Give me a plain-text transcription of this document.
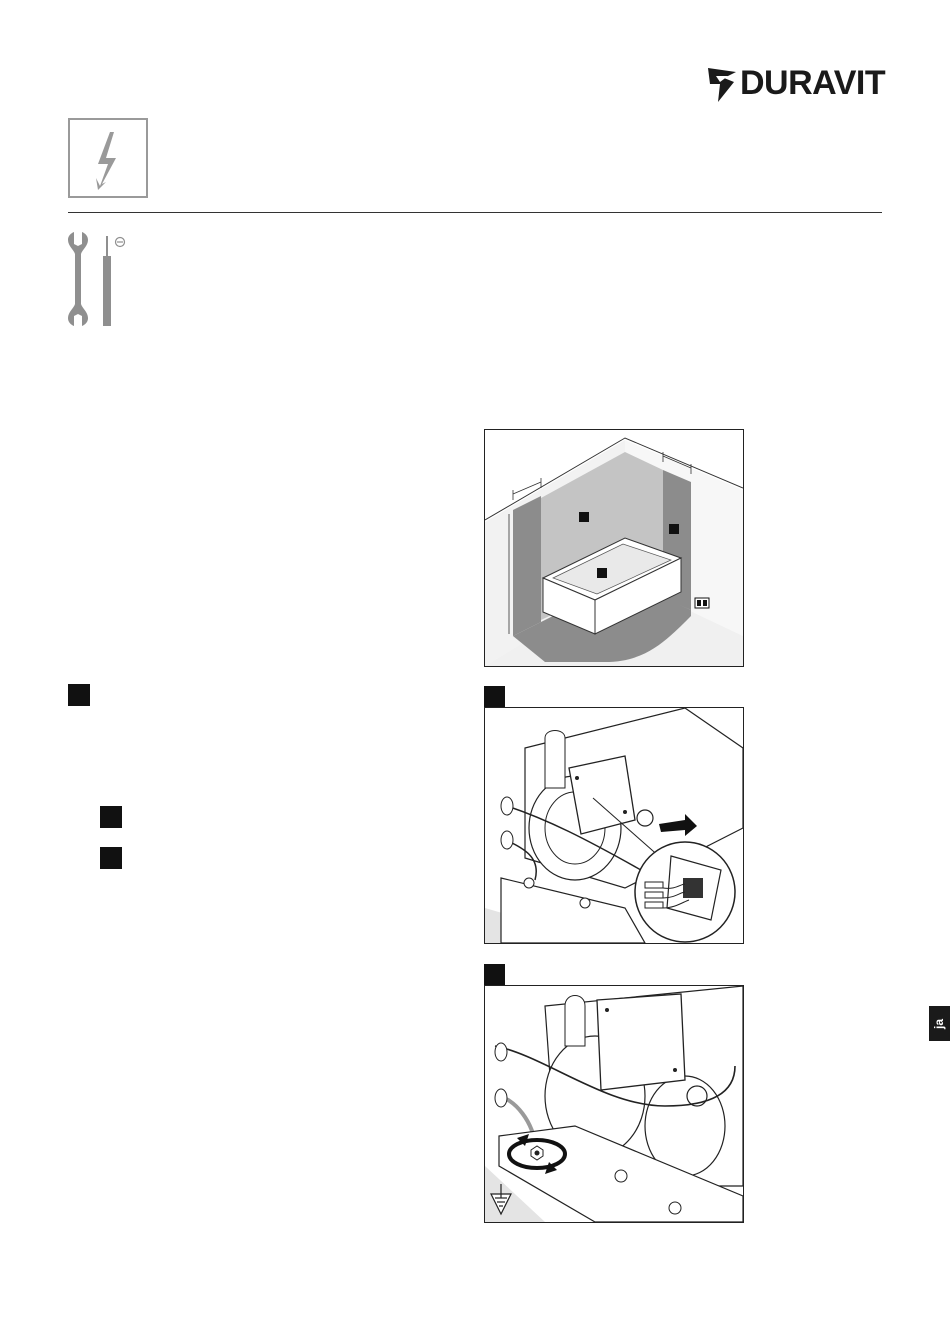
DURAVIT
ja
